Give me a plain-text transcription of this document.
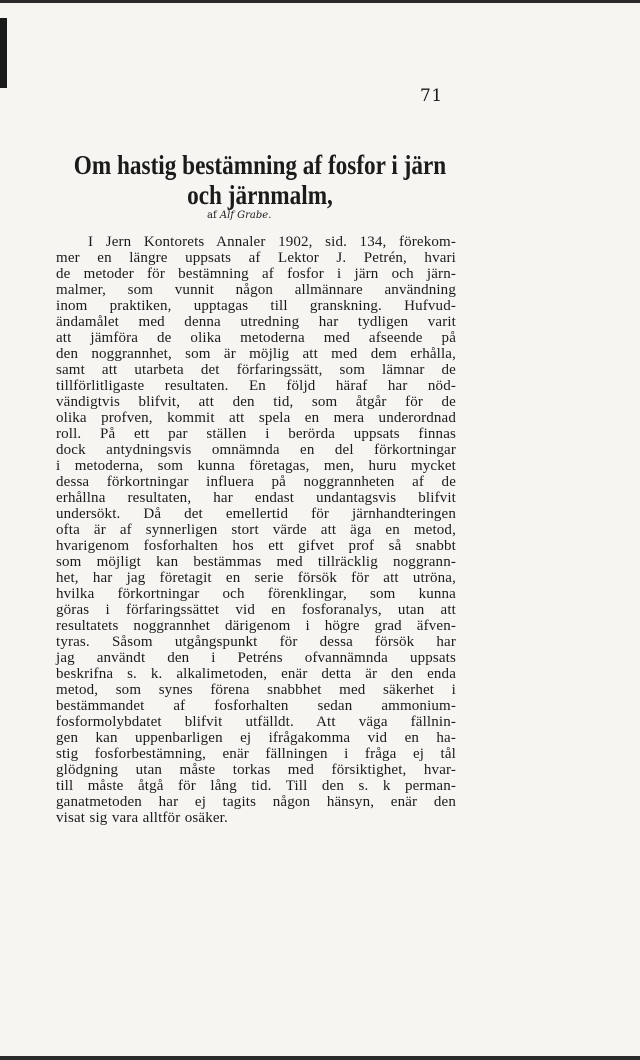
71
Om hastig bestämning af fosfor i järn
och järnmalm,
af Alf Grabe.
I Jern Kontorets Annaler 1902, sid. 134, förekom-
mer en längre uppsats af Lektor J. Petrén, hvari
de metoder för bestämning af fosfor i järn och järn-
malmer, som vunnit någon allmännare användning
inom praktiken, upptagas till granskning. Hufvud-
ändamålet med denna utredning har tydligen varit
att jämföra de olika metoderna med afseende på
den noggrannhet, som är möjlig att med dem erhålla,
samt att utarbeta det förfaringssätt, som lämnar de
tillförlitligaste resultaten. En följd häraf har nöd-
vändigtvis blifvit, att den tid, som åtgår för de
olika profven, kommit att spela en mera underordnad
roll. På ett par ställen i berörda uppsats finnas
dock antydningsvis omnämnda en del förkortningar
i metoderna, som kunna företagas, men, huru mycket
dessa förkortningar influera på noggrannheten af de
erhållna resultaten, har endast undantagsvis blifvit
undersökt. Då det emellertid för järnhandteringen
ofta är af synnerligen stort värde att äga en metod,
hvarigenom fosforhalten hos ett gifvet prof så snabbt
som möjligt kan bestämmas med tillräcklig noggrann-
het, har jag företagit en serie försök för att utröna,
hvilka förkortningar och förenklingar, som kunna
göras i förfaringssättet vid en fosforanalys, utan att
resultatets noggrannhet därigenom i högre grad äfven-
tyras. Såsom utgångspunkt för dessa försök har
jag användt den i Petréns ofvannämnda uppsats
beskrifna s. k. alkalimetoden, enär detta är den enda
metod, som synes förena snabbhet med säkerhet i
bestämmandet af fosforhalten sedan ammonium-
fosformolybdatet blifvit utfälldt. Att väga fällnin-
gen kan uppenbarligen ej ifrågakomma vid en ha-
stig fosforbestämning, enär fällningen i fråga ej tål
glödgning utan måste torkas med försiktighet, hvar-
till måste åtgå för lång tid. Till den s. k perman-
ganatmetoden har ej tagits någon hänsyn, enär den
visat sig vara alltför osäker.
